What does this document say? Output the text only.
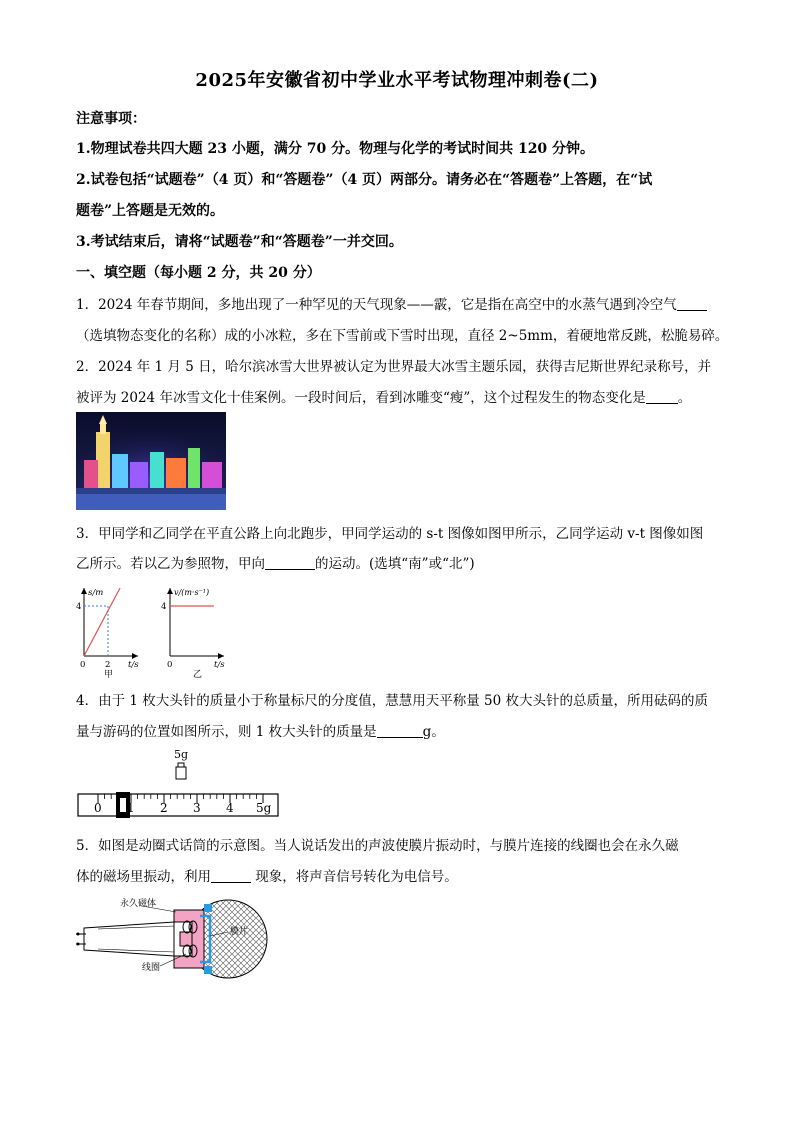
2025年安徽省初中学业水平考试物理冲刺卷(二)
注意事项：
1.物理试卷共四大题 23 小题，满分 70 分。物理与化学的考试时间共 120 分钟。
2.试卷包括“试题卷”（4 页）和“答题卷”（4 页）两部分。请务必在“答题卷”上答题，在“试
题卷”上答题是无效的。
3.考试结束后，请将“试题卷”和“答题卷”一并交回。
一、填空题（每小题 2 分，共 20 分）
1．2024 年春节期间，多地出现了一种罕见的天气现象——霰，它是指在高空中的水蒸气遇到冷空气
（选填物态变化的名称）成的小冰粒，多在下雪前或下雪时出现，直径 2~5mm，着硬地常反跳，松脆易碎。
2．2024 年 1 月 5 日，哈尔滨冰雪大世界被认定为世界最大冰雪主题乐园，获得吉尼斯世界纪录称号，并
被评为 2024 年冰雪文化十佳案例。一段时间后，看到冰雕变“瘦”，这个过程发生的物态变化是 。
3．甲同学和乙同学在平直公路上向北跑步，甲同学运动的 s-t 图像如图甲所示，乙同学运动 v-t 图像如图
乙所示。若以乙为参照物，甲向	的运动。(选填“南”或“北”)
s/m
4
0 2 t/s
甲
v/(m·s⁻¹)
4
0	t/s
乙
4．由于 1 枚大头针的质量小于称量标尺的分度值，慧慧用天平称量 50 枚大头针的总质量，所用砝码的质
量与游码的位置如图所示，则 1 枚大头针的质量是	g。
5g
0 1 2 3 4 5g
5．如图是动圈式话筒的示意图。当人说话发出的声波使膜片振动时，与膜片连接的线圈也会在永久磁
体的磁场里振动，利用	现象，将声音信号转化为电信号。
永久磁体
膜片
线圈
